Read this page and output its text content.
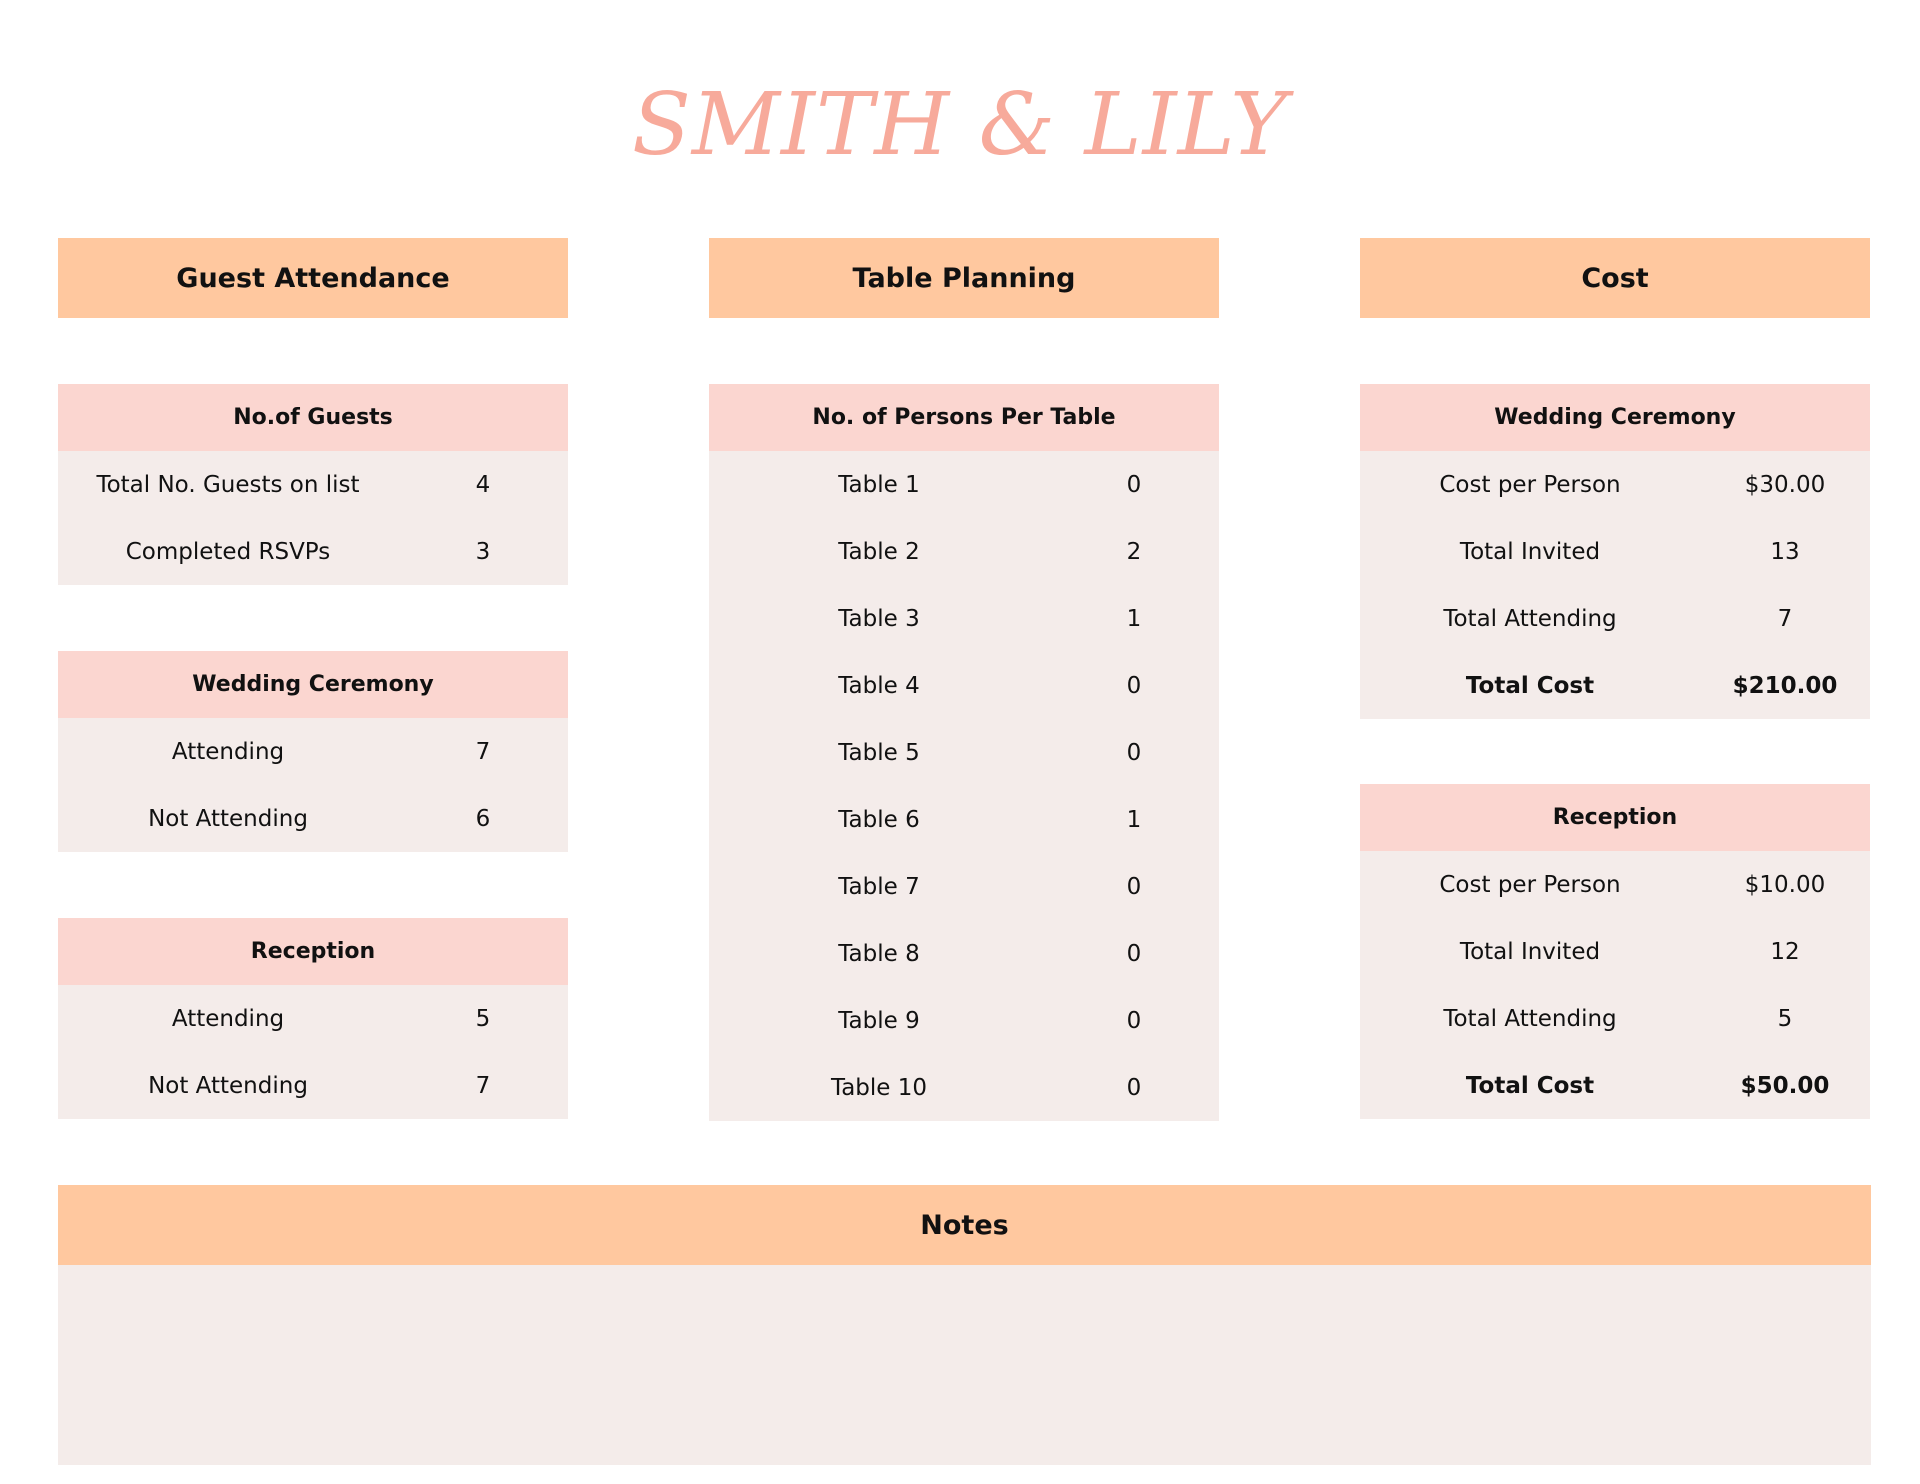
SMITH & LILY
Guest Attendance
No.of Guests
Total No. Guests on list	4
Completed RSVPs	3
Wedding Ceremony
Attending	7
Not Attending	6
Reception
Attending	5
Not Attending	7
Table Planning
No. of Persons Per Table
Table 1	0
Table 2	2
Table 3	1
Table 4	0
Table 5	0
Table 6	1
Table 7	0
Table 8	0
Table 9	0
Table 10	0
Cost
Wedding Ceremony
Cost per Person	$30.00
Total Invited	13
Total Attending	7
Total Cost	$210.00
Reception
Cost per Person	$10.00
Total Invited	12
Total Attending	5
Total Cost	$50.00
Notes
